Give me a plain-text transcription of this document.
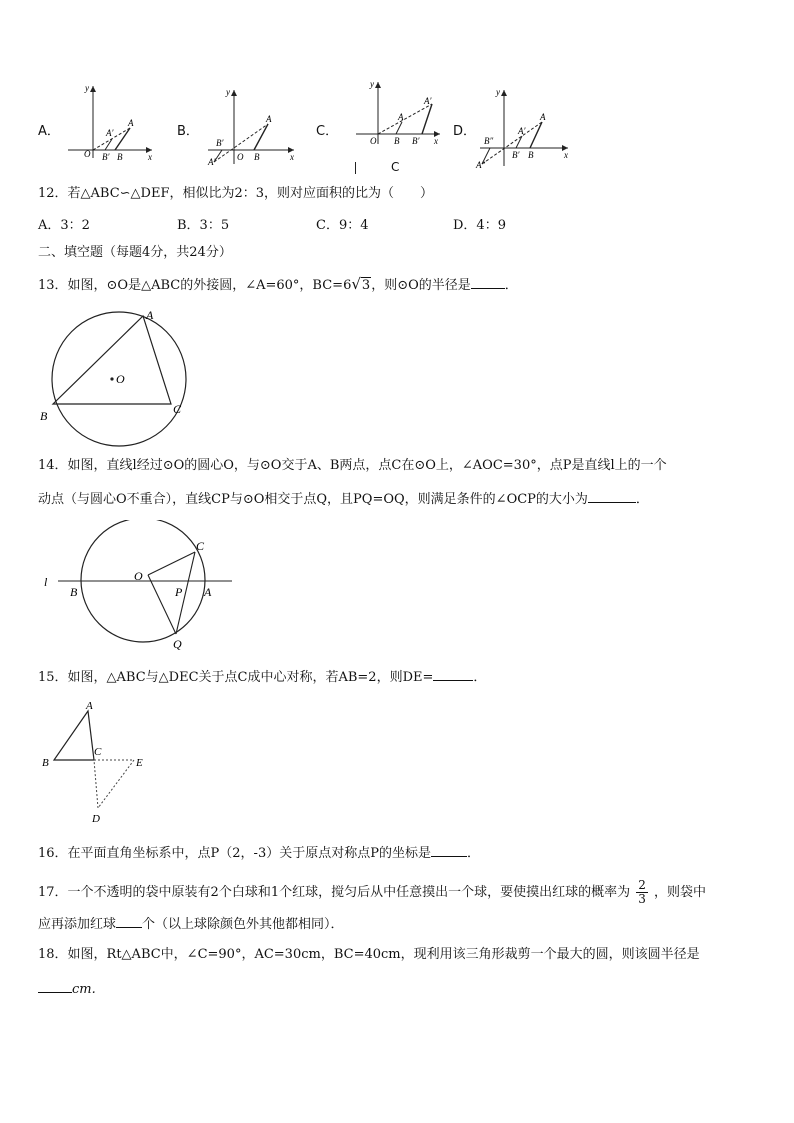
A．	B．	C．	D．
x
y
O
A
A′
B′ B	x
y
O
A
B′
B
A′
x
y
O
A′
A
B B′
C
x
y
A
A′
B″
B′ B
A″
12．若△ABC∽△DEF，相似比为2：3，则对应面积的比为（　　）
A．3：2	B．3：5	C．9：4	D．4：9
二、填空题（每题4分，共24分）
13．如图，⊙O是△ABC的外接圆，∠A=60°，BC=6√3，则⊙O的半径是	．
A
B	C
O
14．如图，直线l经过⊙O的圆心O，与⊙O交于A、B两点，点C在⊙O上，∠AOC=30°，点P是直线l上的一个
动点（与圆心O不重合），直线CP与⊙O相交于点Q，且PQ=OQ，则满足条件的∠OCP的大小为	．
l	O
B
C
P A
Q
15．如图，△ABC与△DEC关于点C成中心对称，若AB=2，则DE=	．
A
B
C
D
E
16．在平面直角坐标系中，点P（2，-3）关于原点对称点P的坐标是	．
17．一个不透明的袋中原装有2个白球和1个红球，搅匀后从中任意摸出一个球，要使摸出红球的概率为 $\frac{2}{3}$ ，则袋中
应再添加红球 个（以上球除颜色外其他都相同）．
18．如图，Rt△ABC中，∠C=90°，AC=30cm，BC=40cm，现利用该三角形裁剪一个最大的圆，则该圆半径是
cm.
